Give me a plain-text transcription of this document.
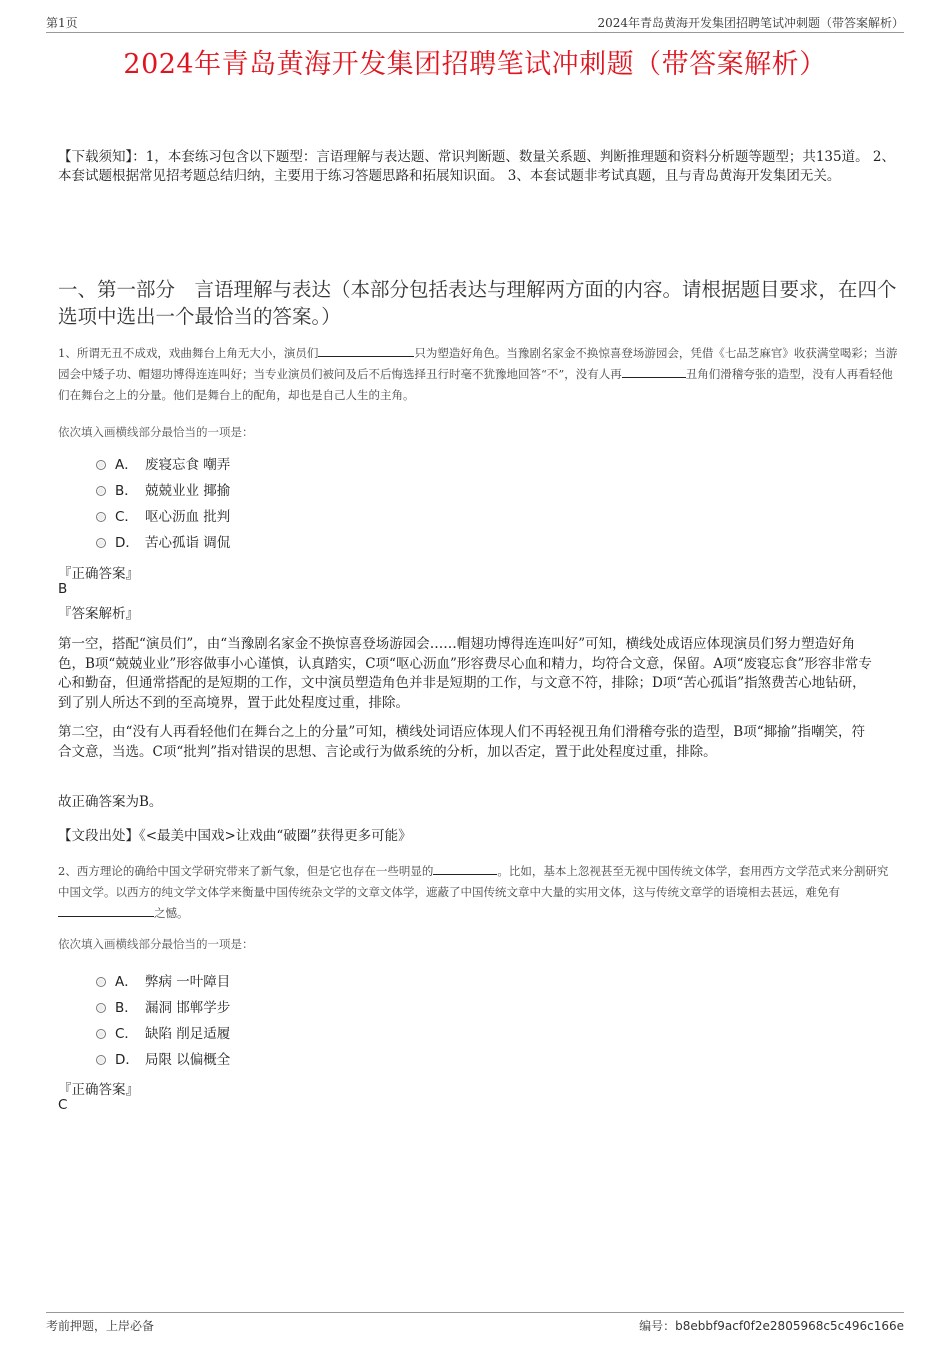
第1页	2024年青岛黄海开发集团招聘笔试冲刺题（带答案解析）
2024年青岛黄海开发集团招聘笔试冲刺题（带答案解析）
【下载须知】：1，本套练习包含以下题型：言语理解与表达题、常识判断题、数量关系题、判断推理题和资料分析题等题型；共135道。 2、本套试题根据常见招考题总结归纳，主要用于练习答题思路和拓展知识面。 3、本套试题非考试真题，且与青岛黄海开发集团无关。
一、第一部分　言语理解与表达（本部分包括表达与理解两方面的内容。请根据题目要求，在四个选项中选出一个最恰当的答案。）
1、所谓无丑不成戏，戏曲舞台上角无大小，演员们	只为塑造好角色。当豫剧名家金不换惊喜登场游园会，凭借《七品芝麻官》收获满堂喝彩；当游园会中矮子功、帽翅功博得连连叫好；当专业演员们被问及后不后悔选择丑行时毫不犹豫地回答“不”，没有人再	丑角们滑稽夸张的造型，没有人再看轻他们在舞台之上的分量。他们是舞台上的配角，却也是自己人生的主角。
依次填入画横线部分最恰当的一项是：
A． 废寝忘食 嘲弄
B． 兢兢业业 揶揄
C． 呕心沥血 批判
D． 苦心孤诣 调侃
『正确答案』
B
『答案解析』
第一空，搭配“演员们”，由“当豫剧名家金不换惊喜登场游园会……帽翅功博得连连叫好”可知，横线处成语应体现演员们努力塑造好角色，B项“兢兢业业”形容做事小心谨慎，认真踏实，C项“呕心沥血”形容费尽心血和精力，均符合文意，保留。A项“废寝忘食”形容非常专心和勤奋，但通常搭配的是短期的工作，文中演员塑造角色并非是短期的工作，与文意不符，排除；D项“苦心孤诣”指煞费苦心地钻研，到了别人所达不到的至高境界，置于此处程度过重，排除。
第二空，由“没有人再看轻他们在舞台之上的分量”可知，横线处词语应体现人们不再轻视丑角们滑稽夸张的造型，B项“揶揄”指嘲笑，符合文意，当选。C项“批判”指对错误的思想、言论或行为做系统的分析，加以否定，置于此处程度过重，排除。
故正确答案为B。
【文段出处】《<最美中国戏>让戏曲“破圈”获得更多可能》
2、西方理论的确给中国文学研究带来了新气象，但是它也存在一些明显的	。比如，基本上忽视甚至无视中国传统文体学，套用西方文学范式来分割研究中国文学。以西方的纯文学文体学来衡量中国传统杂文学的文章文体学，遮蔽了中国传统文章中大量的实用文体，这与传统文章学的语境相去甚远，难免有之憾。
依次填入画横线部分最恰当的一项是：
A． 弊病 一叶障目
B． 漏洞 邯郸学步
C． 缺陷 削足适履
D． 局限 以偏概全
『正确答案』
C
考前押题，上岸必备	编号：b8ebbf9acf0f2e2805968c5c496c166e
